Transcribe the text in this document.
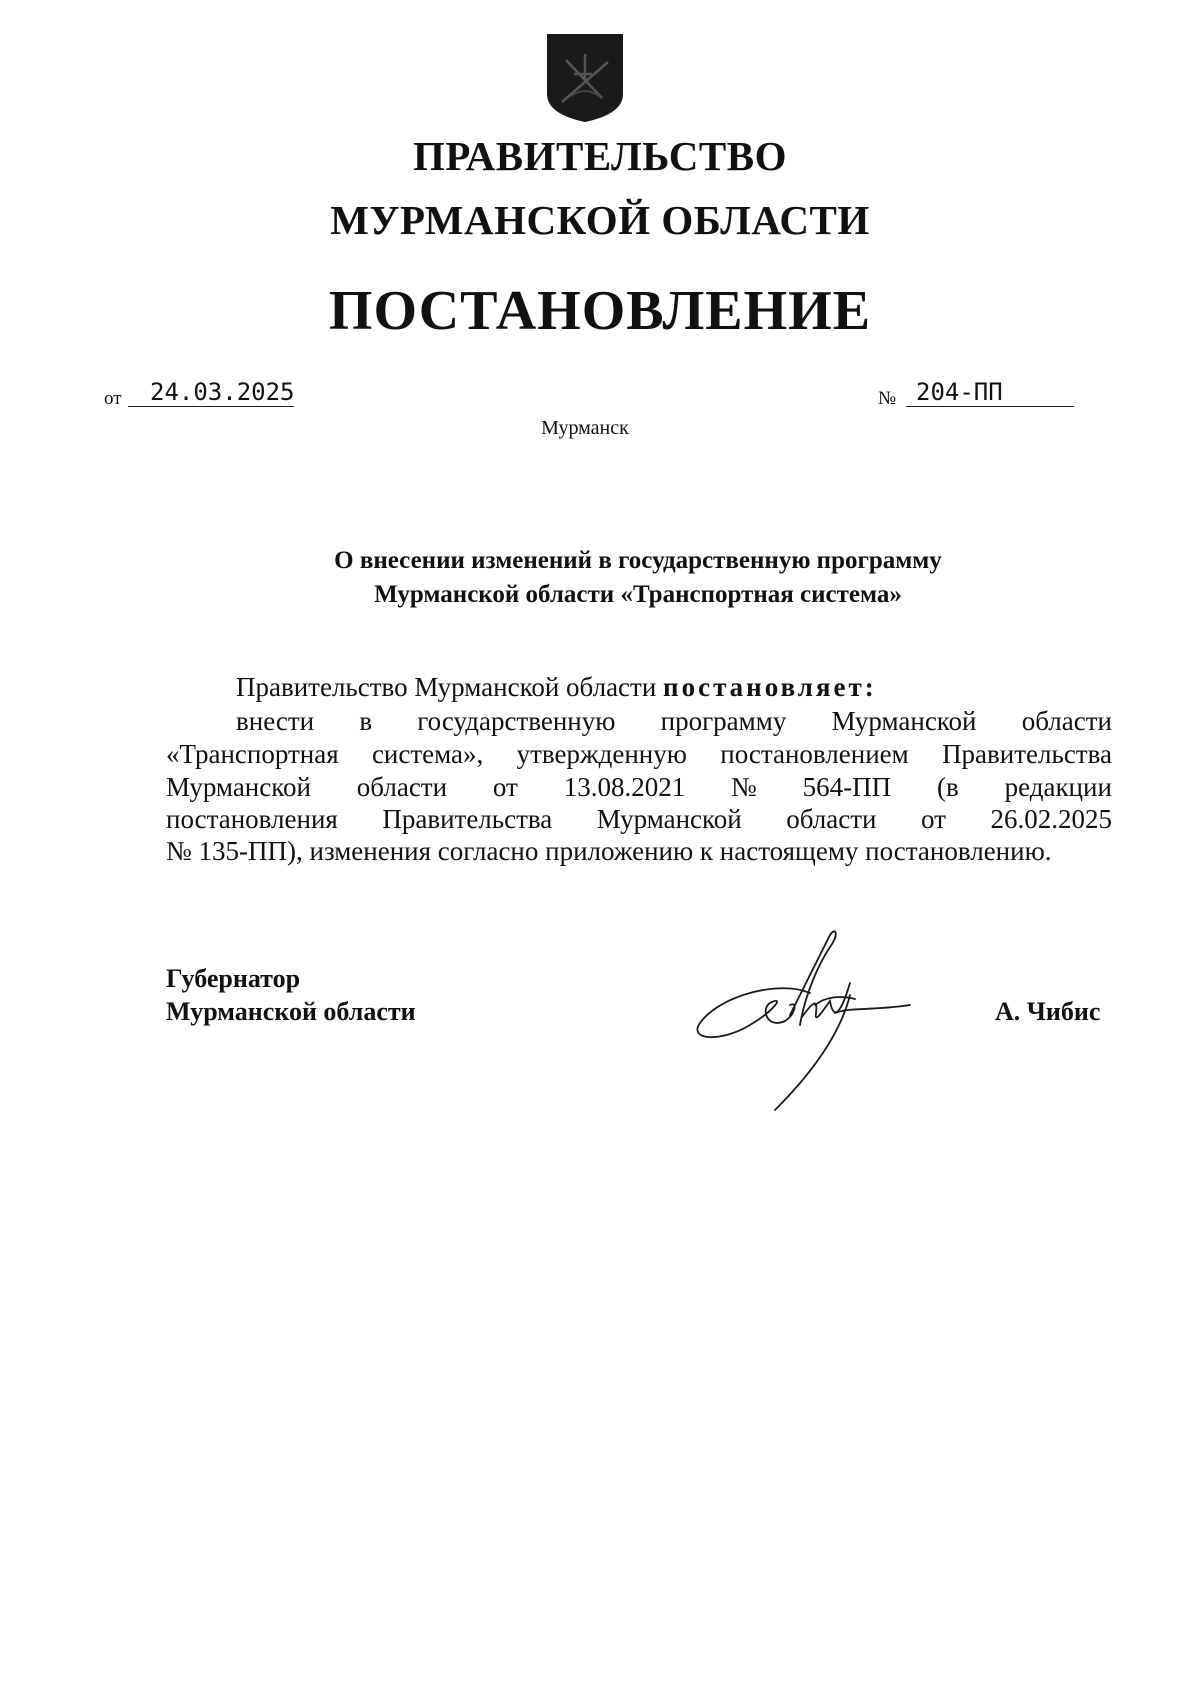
ПРАВИТЕЛЬСТВО
МУРМАНСКОЙ ОБЛАСТИ
ПОСТАНОВЛЕНИЕ
от	24.03.2025	№ 204-ПП
Мурманск
О внесении изменений в государственную программу
Мурманской области «Транспортная система»
Правительство Мурманской области постановляет:
внести в государственную программу Мурманской области
«Транспортная система», утвержденную постановлением Правительства
Мурманской области от 13.08.2021 № 564-ПП (в редакции
постановления Правительства Мурманской области от 26.02.2025
№ 135-ПП), изменения согласно приложению к настоящему постановлению.
Губернатор
Мурманской области	А. Чибис
